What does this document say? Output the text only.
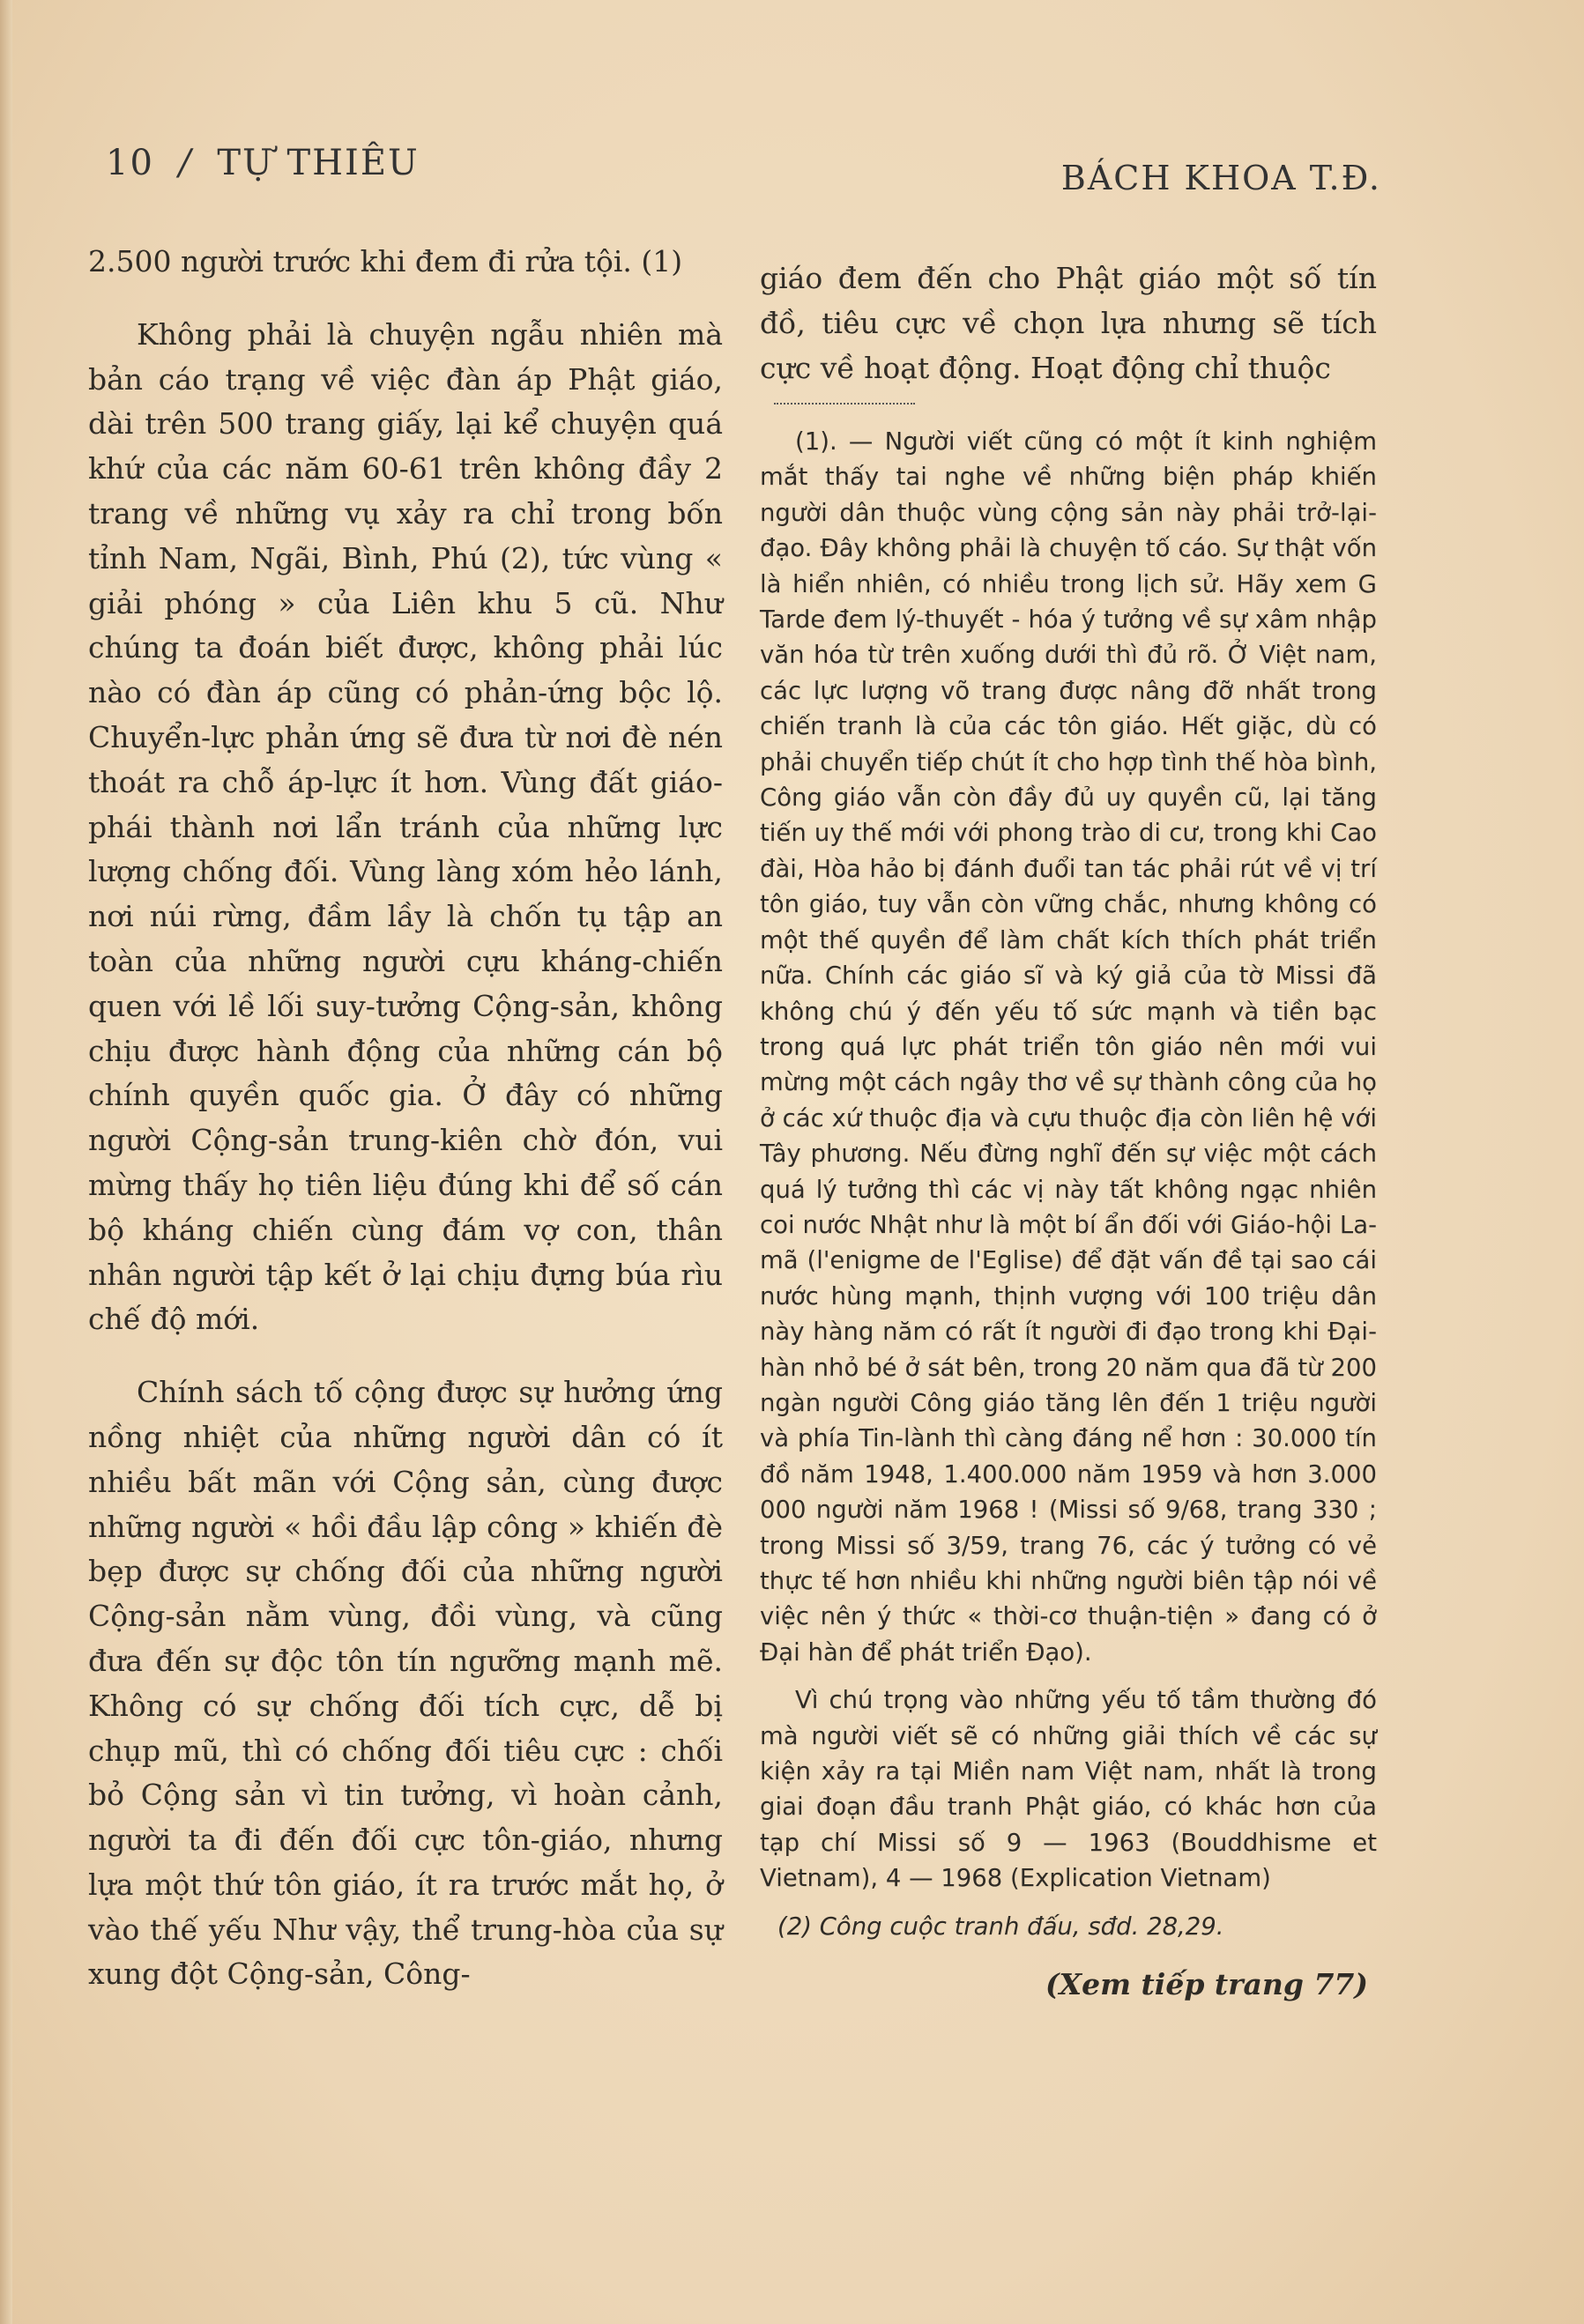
10 / TỰ THIÊU	BÁCH KHOA T.Đ.

2.500 người trước khi đem đi rửa tội. (1)

Không phải là chuyện ngẫu nhiên mà bản cáo trạng về việc đàn áp Phật giáo, dài trên 500 trang giấy, lại kể chuyện quá khứ của các năm 60-61 trên không đầy 2 trang về những vụ xảy ra chỉ trong bốn tỉnh Nam, Ngãi, Bình, Phú (2), tức vùng « giải phóng » của Liên khu 5 cũ. Như chúng ta đoán biết được, không phải lúc nào có đàn áp cũng có phản-ứng bộc lộ. Chuyển-lực phản ứng sẽ đưa từ nơi đè nén thoát ra chỗ áp-lực ít hơn. Vùng đất giáo-phái thành nơi lẩn tránh của những lực lượng chống đối. Vùng làng xóm hẻo lánh, nơi núi rừng, đầm lầy là chốn tụ tập an toàn của những người cựu kháng-chiến quen với lề lối suy-tưởng Cộng-sản, không chịu được hành động của những cán bộ chính quyền quốc gia. Ở đây có những người Cộng-sản trung-kiên chờ đón, vui mừng thấy họ tiên liệu đúng khi để số cán bộ kháng chiến cùng đám vợ con, thân nhân người tập kết ở lại chịu đựng búa rìu chế độ mới.

Chính sách tố cộng được sự hưởng ứng nồng nhiệt của những người dân có ít nhiều bất mãn với Cộng sản, cùng được những người « hồi đầu lập công » khiến đè bẹp được sự chống đối của những người Cộng-sản nằm vùng, đồi vùng, và cũng đưa đến sự độc tôn tín ngưỡng mạnh mẽ. Không có sự chống đối tích cực, dễ bị chụp mũ, thì có chống đối tiêu cực : chối bỏ Cộng sản vì tin tưởng, vì hoàn cảnh, người ta đi đến đối cực tôn-giáo, nhưng lựa một thứ tôn giáo, ít ra trước mắt họ, ở vào thế yếu Như vậy, thể trung-hòa của sự xung đột Cộng-sản, Công-

giáo đem đến cho Phật giáo một số tín đồ, tiêu cực về chọn lựa nhưng sẽ tích cực về hoạt động. Hoạt động chỉ thuộc

(1). — Người viết cũng có một ít kinh nghiệm mắt thấy tai nghe về những biện pháp khiến người dân thuộc vùng cộng sản này phải trở-lại-đạo. Đây không phải là chuyện tố cáo. Sự thật vốn là hiển nhiên, có nhiều trong lịch sử. Hãy xem G Tarde đem lý-thuyết - hóa ý tưởng về sự xâm nhập văn hóa từ trên xuống dưới thì đủ rõ. Ở Việt nam, các lực lượng võ trang được nâng đỡ nhất trong chiến tranh là của các tôn giáo. Hết giặc, dù có phải chuyển tiếp chút ít cho hợp tình thế hòa bình, Công giáo vẫn còn đầy đủ uy quyền cũ, lại tăng tiến uy thế mới với phong trào di cư, trong khi Cao đài, Hòa hảo bị đánh đuổi tan tác phải rút về vị trí tôn giáo, tuy vẫn còn vững chắc, nhưng không có một thế quyền để làm chất kích thích phát triển nữa. Chính các giáo sĩ và ký giả của tờ Missi đã không chú ý đến yếu tố sức mạnh và tiền bạc trong quá lực phát triển tôn giáo nên mới vui mừng một cách ngây thơ về sự thành công của họ ở các xứ thuộc địa và cựu thuộc địa còn liên hệ với Tây phương. Nếu đừng nghĩ đến sự việc một cách quá lý tưởng thì các vị này tất không ngạc nhiên coi nước Nhật như là một bí ẩn đối với Giáo-hội La-mã (l'enigme de l'Eglise) để đặt vấn đề tại sao cái nước hùng mạnh, thịnh vượng với 100 triệu dân này hàng năm có rất ít người đi đạo trong khi Đại-hàn nhỏ bé ở sát bên, trong 20 năm qua đã từ 200 ngàn người Công giáo tăng lên đến 1 triệu người và phía Tin-lành thì càng đáng nể hơn : 30.000 tín đồ năm 1948, 1.400.000 năm 1959 và hơn 3.000 000 người năm 1968 ! (Missi số 9/68, trang 330 ; trong Missi số 3/59, trang 76, các ý tưởng có vẻ thực tế hơn nhiều khi những người biên tập nói về việc nên ý thức « thời-cơ thuận-tiện » đang có ở Đại hàn để phát triển Đạo).

Vì chú trọng vào những yếu tố tầm thường đó mà người viết sẽ có những giải thích về các sự kiện xảy ra tại Miền nam Việt nam, nhất là trong giai đoạn đầu tranh Phật giáo, có khác hơn của tạp chí Missi số 9 — 1963 (Bouddhisme et Vietnam), 4 — 1968 (Explication Vietnam)

(2) Công cuộc tranh đấu, sđd. 28,29.

(Xem tiếp trang 77)
